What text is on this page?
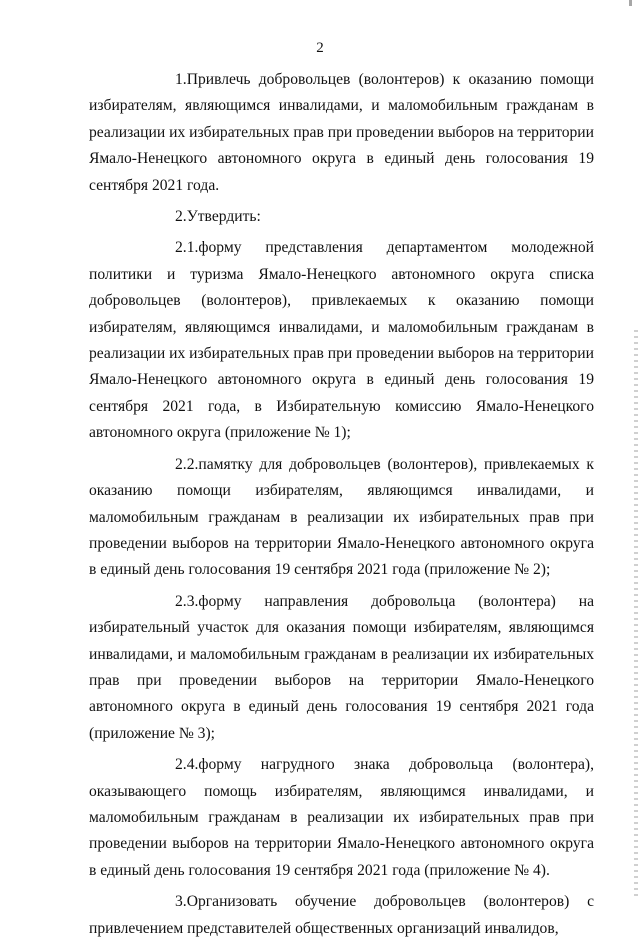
2

1.Привлечь добровольцев (волонтеров) к оказанию помощи избирателям, являющимся инвалидами, и маломобильным гражданам в реализации их избирательных прав при проведении выборов на территории Ямало-Ненецкого автономного округа в единый день голосования 19 сентября 2021 года.

2.Утвердить:

2.1.форму представления департаментом молодежной политики и туризма Ямало-Ненецкого автономного округа списка добровольцев (волонтеров), привлекаемых к оказанию помощи избирателям, являющимся инвалидами, и маломобильным гражданам в реализации их избирательных прав при проведении выборов на территории Ямало-Ненецкого автономного округа в единый день голосования 19 сентября 2021 года, в Избирательную комиссию Ямало-Ненецкого автономного округа (приложение № 1);

2.2.памятку для добровольцев (волонтеров), привлекаемых к оказанию помощи избирателям, являющимся инвалидами, и маломобильным гражданам в реализации их избирательных прав при проведении выборов на территории Ямало-Ненецкого автономного округа в единый день голосования 19 сентября 2021 года (приложение № 2);

2.3.форму направления добровольца (волонтера) на избирательный участок для оказания помощи избирателям, являющимся инвалидами, и маломобильным гражданам в реализации их избирательных прав при проведении выборов на территории Ямало-Ненецкого автономного округа в единый день голосования 19 сентября 2021 года (приложение № 3);

2.4.форму нагрудного знака добровольца (волонтера), оказывающего помощь избирателям, являющимся инвалидами, и маломобильным гражданам в реализации их избирательных прав при проведении выборов на территории Ямало-Ненецкого автономного округа в единый день голосования 19 сентября 2021 года (приложение № 4).

3.Организовать обучение добровольцев (волонтеров) с привлечением представителей общественных организаций инвалидов,
